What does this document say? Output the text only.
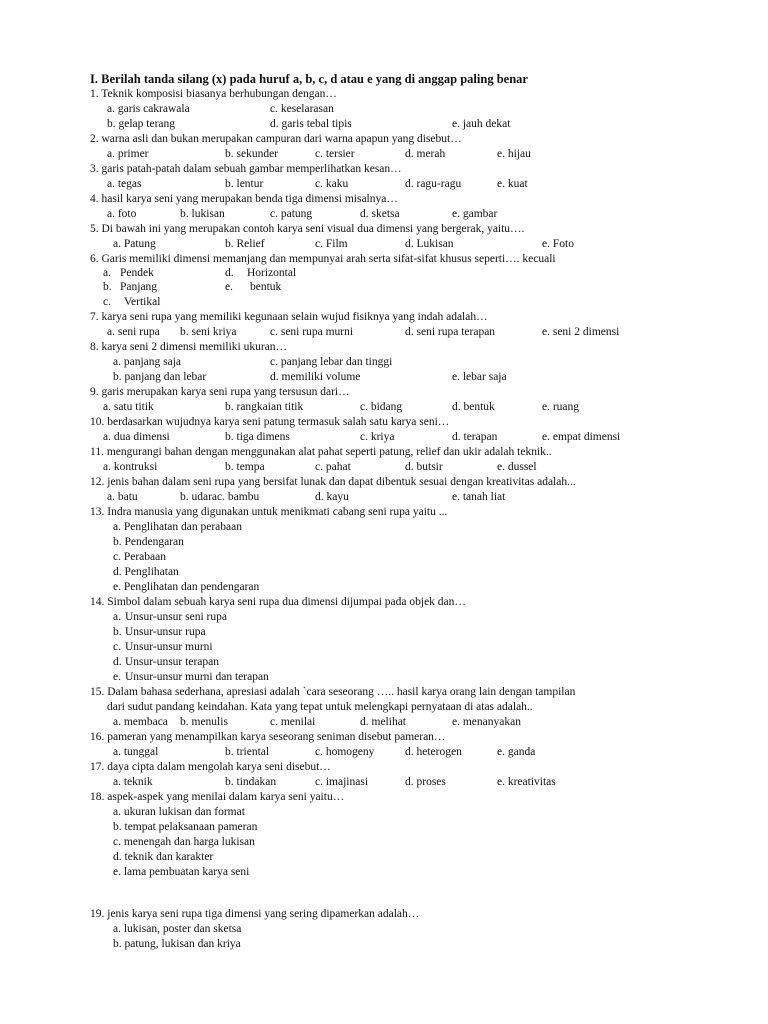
I. Berilah tanda silang (x) pada huruf a, b, c, d atau e yang di anggap paling benar
1. Teknik komposisi biasanya berhubungan dengan…
a. garis cakrawala	c. keselarasan
b. gelap terang	d. garis tebal tipis	e. jauh dekat
2. warna asli dan bukan merupakan campuran dari warna apapun yang disebut…
a. primer	b. sekunder	c. tersier	d. merah	e. hijau
3. garis patah-patah dalam sebuah gambar memperlihatkan kesan…
a. tegas	b. lentur	c. kaku	d. ragu-ragu	e. kuat
4. hasil karya seni yang merupakan benda tiga dimensi misalnya…
a. foto	b. lukisan	c. patung	d. sketsa	e. gambar
5. Di bawah ini yang merupakan contoh karya seni visual dua dimensi yang bergerak, yaitu….
a. Patung	b. Relief	c. Film	d. Lukisan	e. Foto
6. Garis memiliki dimensi memanjang dan mempunyai arah serta sifat-sifat khusus seperti…. kecuali
a. Pendek	d. Horizontal
b. Panjang	e. bentuk
c. Vertikal
7. karya seni rupa yang memiliki kegunaan selain wujud fisiknya yang indah adalah…
a. seni rupa b. seni kriya	c. seni rupa murni	d. seni rupa terapan	e. seni 2 dimensi
8. karya seni 2 dimensi memiliki ukuran…
a. panjang saja	c. panjang lebar dan tinggi
b. panjang dan lebar	d. memiliki volume	e. lebar saja
9. garis merupakan karya seni rupa yang tersusun dari…
a. satu titik	b. rangkaian titik	c. bidang	d. bentuk	e. ruang
10. berdasarkan wujudnya karya seni patung termasuk salah satu karya seni…
a. dua dimensi	b. tiga dimens	c. kriya	d. terapan	e. empat dimensi
11. mengurangi bahan dengan menggunakan alat pahat seperti patung, relief dan ukir adalah teknik..
a. kontruksi	b. tempa	c. pahat	d. butsir	e. dussel
12. jenis bahan dalam seni rupa yang bersifat lunak dan dapat dibentuk sesuai dengan kreativitas adalah...
a. batu	b. udarac. bambu	d. kayu	e. tanah liat
13. Indra manusia yang digunakan untuk menikmati cabang seni rupa yaitu ...
a. Penglihatan dan perabaan
b. Pendengaran
c. Perabaan
d. Penglihatan
e. Penglihatan dan pendengaran
14. Simbol dalam sebuah karya seni rupa dua dimensi dijumpai pada objek dan…
a. Unsur-unsur seni rupa
b. Unsur-unsur rupa
c. Unsur-unsur murni
d. Unsur-unsur terapan
e. Unsur-unsur murni dan terapan
15. Dalam bahasa sederhana, apresiasi adalah `cara seseorang ….. hasil karya orang lain dengan tampilan
dari sudut pandang keindahan. Kata yang tepat untuk melengkapi pernyataan di atas adalah..
a. membaca b. menulis	c. menilai	d. melihat	e. menanyakan
16. pameran yang menampilkan karya seseorang seniman disebut pameran…
a. tunggal	b. triental	c. homogeny	d. heterogen	e. ganda
17. daya cipta dalam mengolah karya seni disebut…
a. teknik	b. tindakan	c. imajinasi	d. proses	e. kreativitas
18. aspek-aspek yang menilai dalam karya seni yaitu…
a. ukuran lukisan dan format
b. tempat pelaksanaan pameran
c. menengah dan harga lukisan
d. teknik dan karakter
e. lama pembuatan karya seni
19. jenis karya seni rupa tiga dimensi yang sering dipamerkan adalah…
a. lukisan, poster dan sketsa
b. patung, lukisan dan kriya
